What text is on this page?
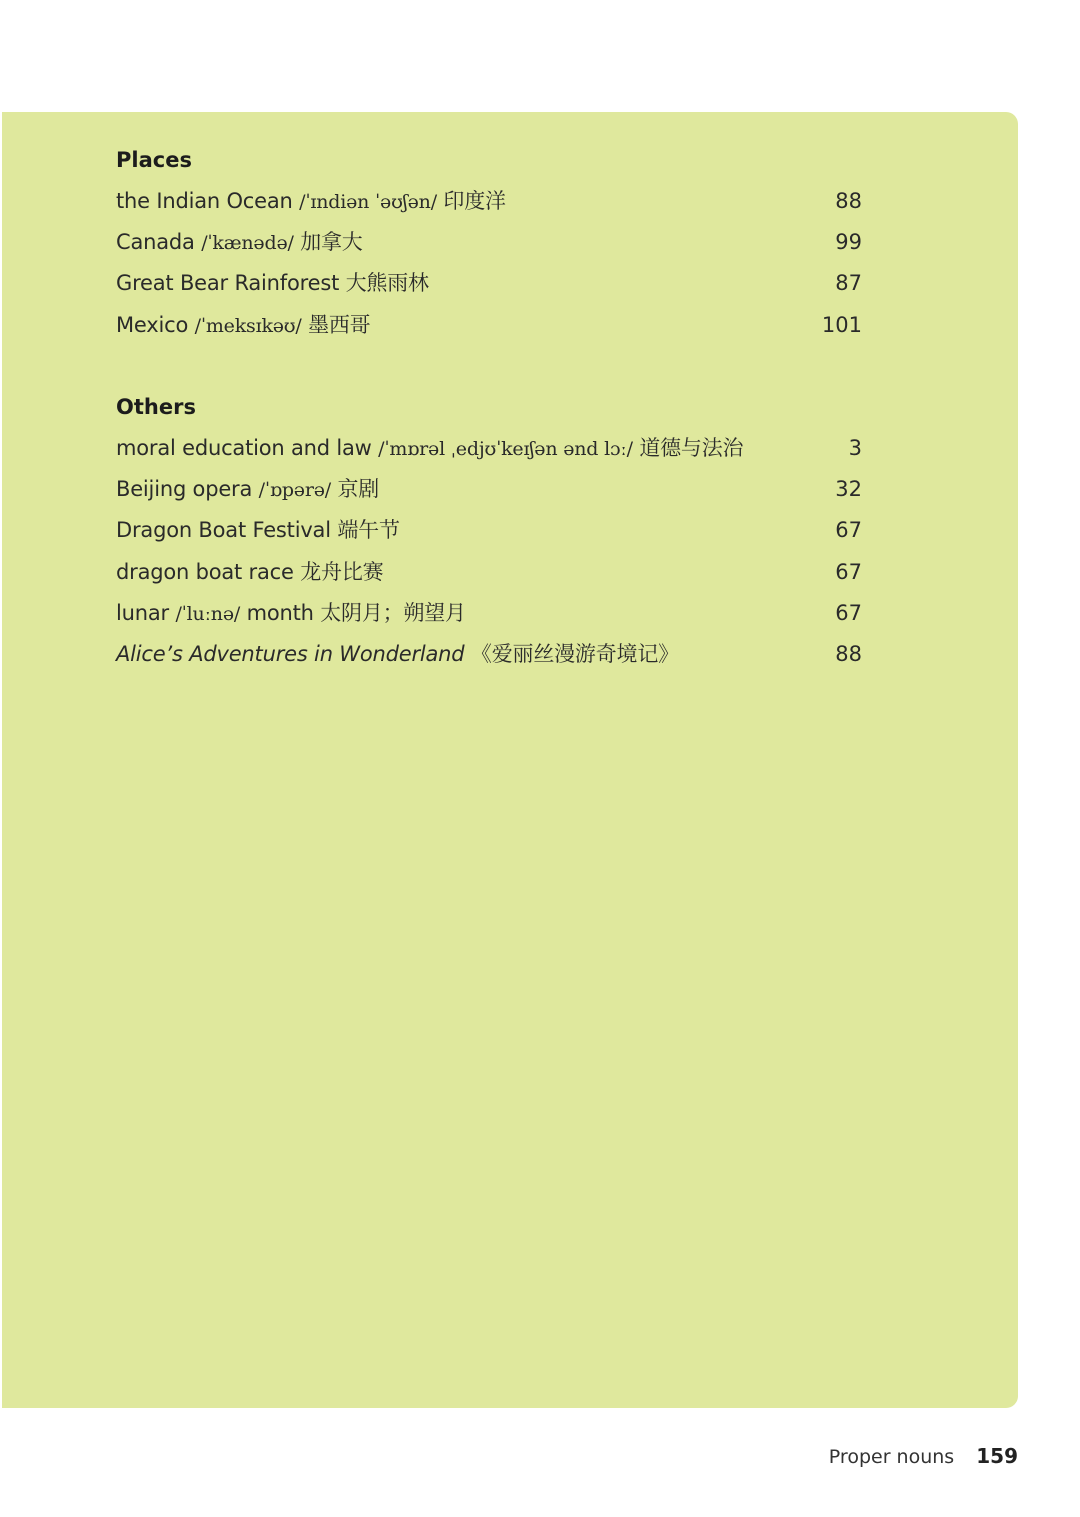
Places
the Indian Ocean /ˈɪndiən ˈəʊʃən/ 印度洋	88
Canada /ˈkænədə/ 加拿大	99
Great Bear Rainforest 大熊雨林	87
Mexico /ˈmeksɪkəʊ/ 墨西哥	101
Others
moral education and law /ˈmɒrəl ˌedjʊˈkeɪʃən ənd lɔː/ 道德与法治	3
Beijing opera /ˈɒpərə/ 京剧	32
Dragon Boat Festival 端午节	67
dragon boat race 龙舟比赛	67
lunar /ˈluːnə/ month 太阴月；朔望月	67
Alice’s Adventures in Wonderland 《爱丽丝漫游奇境记》	88
Proper nouns 159
